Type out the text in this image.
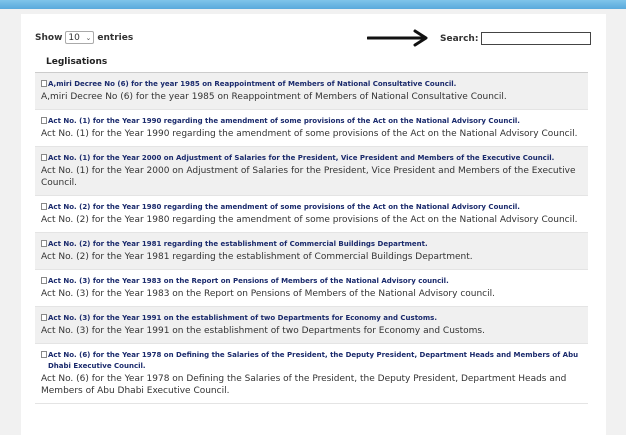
Show 10 ⌄ entries	Search:
Leglisations
A,miri Decree No (6) for the year 1985 on Reappointment of Members of National Consultative Council.
A,miri Decree No (6) for the year 1985 on Reappointment of Members of National Consultative Council.
Act No. (1) for the Year 1990 regarding the amendment of some provisions of the Act on the National Advisory Council.
Act No. (1) for the Year 1990 regarding the amendment of some provisions of the Act on the National Advisory Council.
Act No. (1) for the Year 2000 on Adjustment of Salaries for the President, Vice President and Members of the Executive Council.
Act No. (1) for the Year 2000 on Adjustment of Salaries for the President, Vice President and Members of the Executive Council.
Act No. (2) for the Year 1980 regarding the amendment of some provisions of the Act on the National Advisory Council.
Act No. (2) for the Year 1980 regarding the amendment of some provisions of the Act on the National Advisory Council.
Act No. (2) for the Year 1981 regarding the establishment of Commercial Buildings Department.
Act No. (2) for the Year 1981 regarding the establishment of Commercial Buildings Department.
Act No. (3) for the Year 1983 on the Report on Pensions of Members of the National Advisory council.
Act No. (3) for the Year 1983 on the Report on Pensions of Members of the National Advisory council.
Act No. (3) for the Year 1991 on the establishment of two Departments for Economy and Customs.
Act No. (3) for the Year 1991 on the establishment of two Departments for Economy and Customs.
Act No. (6) for the Year 1978 on Defining the Salaries of the President, the Deputy President, Department Heads and Members of Abu Dhabi Executive Council.
Act No. (6) for the Year 1978 on Defining the Salaries of the President, the Deputy President, Department Heads and Members of Abu Dhabi Executive Council.
